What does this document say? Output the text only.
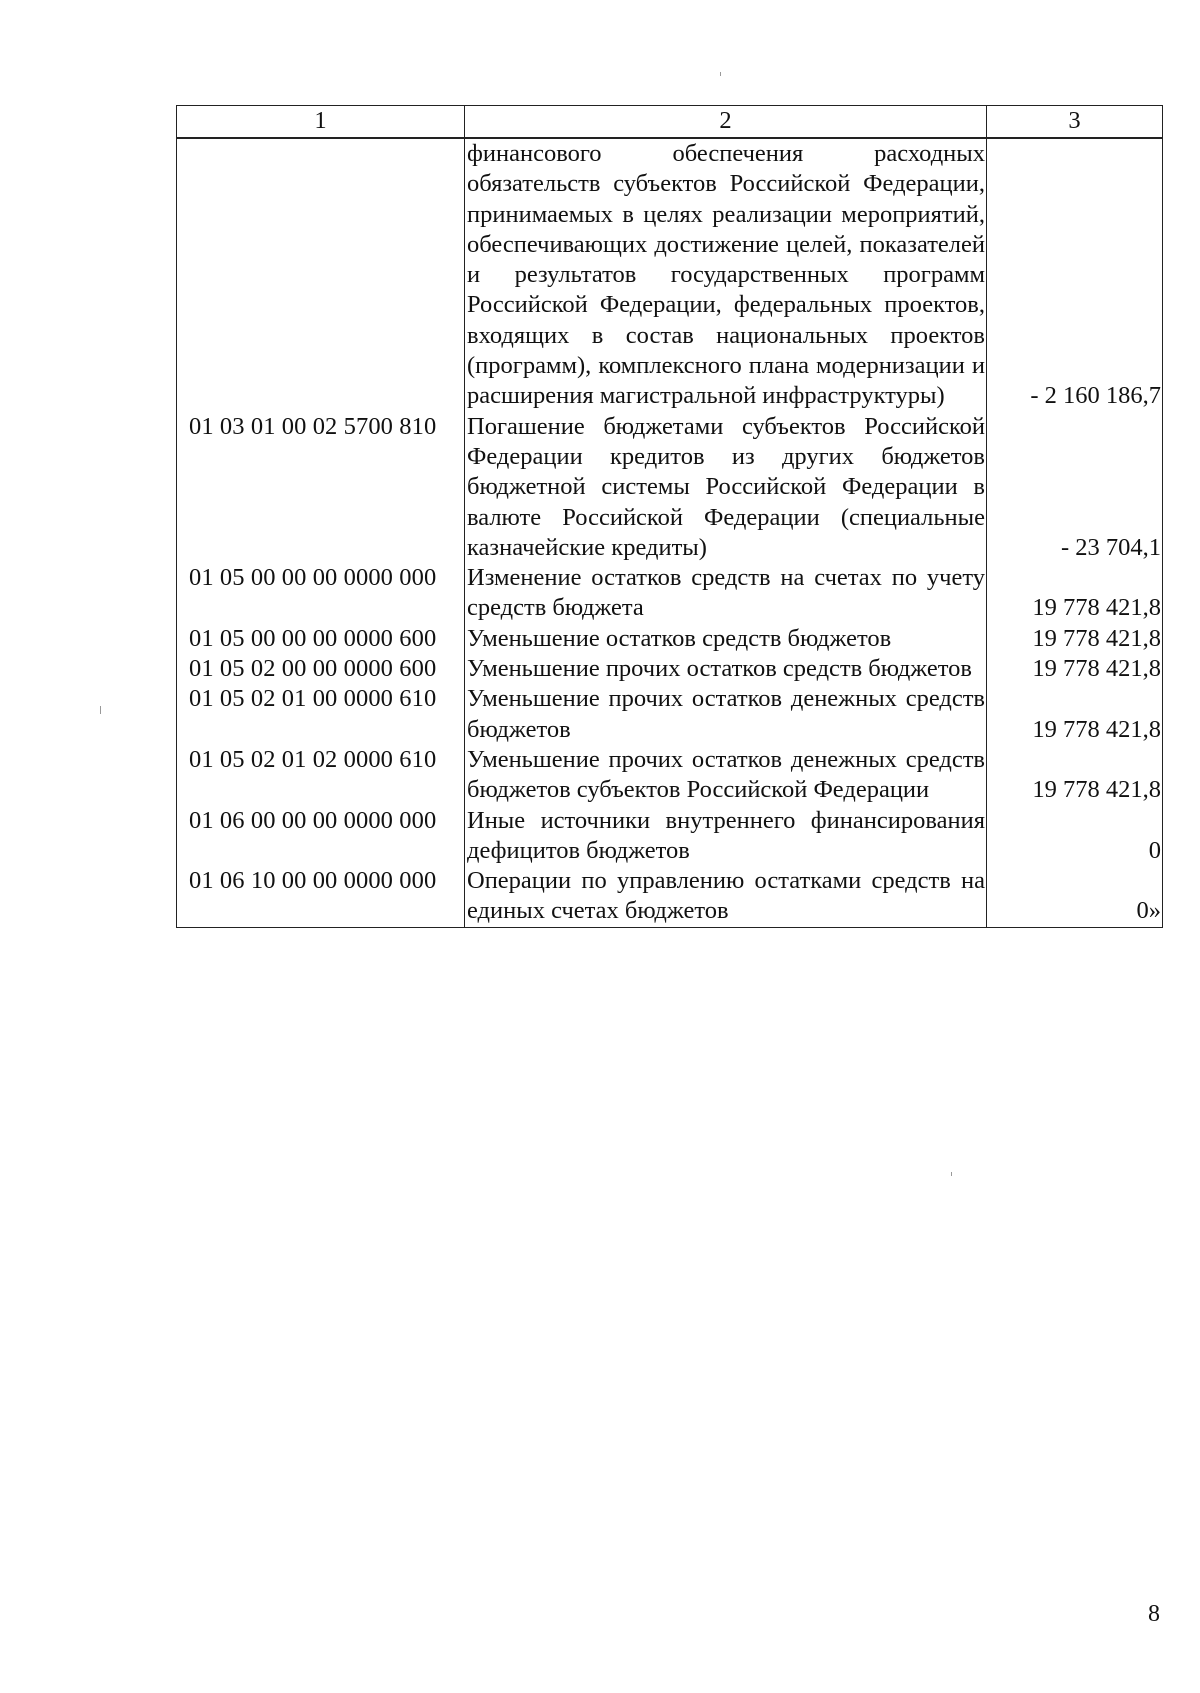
1	2	3
	финансового обеспечения расходных обязательств субъектов Российской Федерации, принимаемых в целях реализации мероприятий, обеспечивающих достижение целей, показателей и результатов государственных программ Российской Федерации, федеральных проектов, входящих в состав национальных проектов (программ), комплексного плана модернизации и расширения магистральной инфраструктуры)	- 2 160 186,7
01 03 01 00 02 5700 810	Погашение бюджетами субъектов Российской Федерации кредитов из других бюджетов бюджетной системы Российской Федерации в валюте Российской Федерации (специальные казначейские кредиты)	- 23 704,1
01 05 00 00 00 0000 000	Изменение остатков средств на счетах по учету средств бюджета	19 778 421,8
01 05 00 00 00 0000 600	Уменьшение остатков средств бюджетов	19 778 421,8
01 05 02 00 00 0000 600	Уменьшение прочих остатков средств бюджетов	19 778 421,8
01 05 02 01 00 0000 610	Уменьшение прочих остатков денежных средств бюджетов	19 778 421,8
01 05 02 01 02 0000 610	Уменьшение прочих остатков денежных средств бюджетов субъектов Российской Федерации	19 778 421,8
01 06 00 00 00 0000 000	Иные источники внутреннего финансирования дефицитов бюджетов	0
01 06 10 00 00 0000 000	Операции по управлению остатками средств на единых счетах бюджетов	0»
8
